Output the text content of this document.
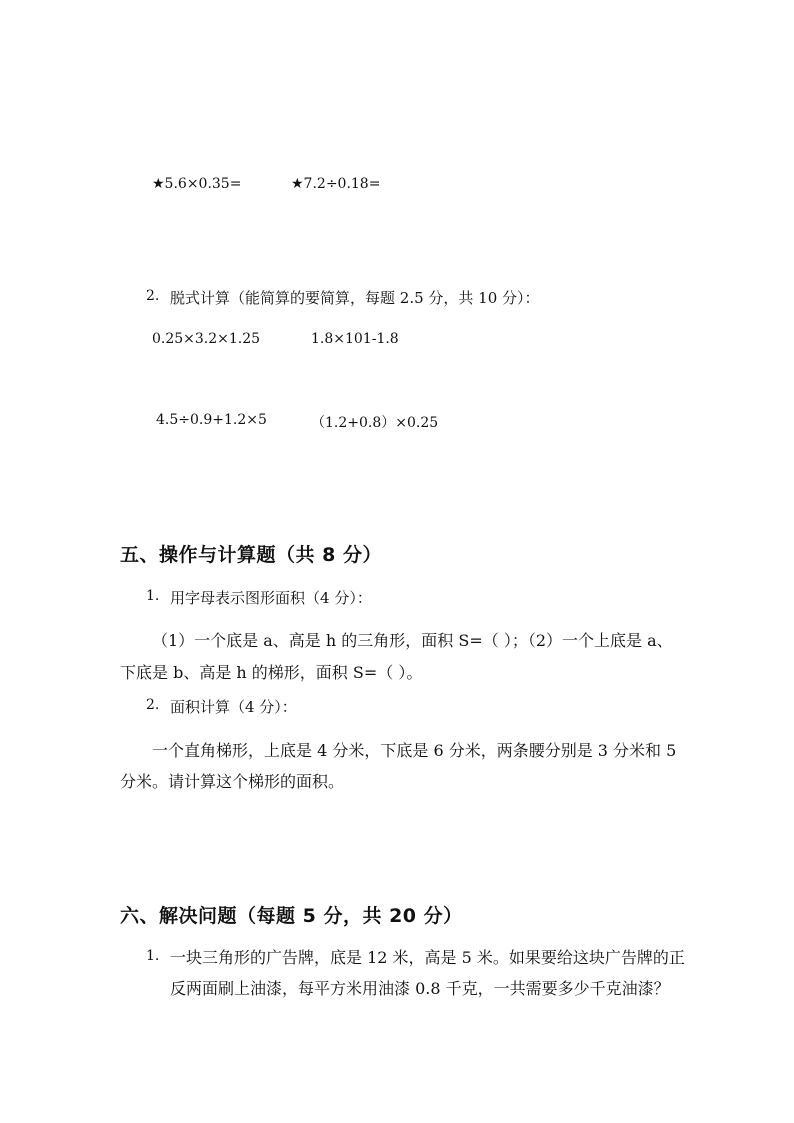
★5.6×0.35=	★7.2÷0.18=
2. 脱式计算（能简算的要简算，每题 2.5 分，共 10 分）：
0.25×3.2×1.25	1.8×101-1.8
4.5÷0.9+1.2×5	（1.2+0.8）×0.25
五、操作与计算题（共 8 分）
1. 用字母表示图形面积（4 分）：
（1）一个底是 a、高是 h 的三角形，面积 S=（ ）；（2）一个上底是 a、
下底是 b、高是 h 的梯形，面积 S=（ ）。
2. 面积计算（4 分）：
一个直角梯形，上底是 4 分米，下底是 6 分米，两条腰分别是 3 分米和 5
分米。请计算这个梯形的面积。
六、解决问题（每题 5 分，共 20 分）
1. 一块三角形的广告牌，底是 12 米，高是 5 米。如果要给这块广告牌的正
反两面刷上油漆，每平方米用油漆 0.8 千克，一共需要多少千克油漆？
